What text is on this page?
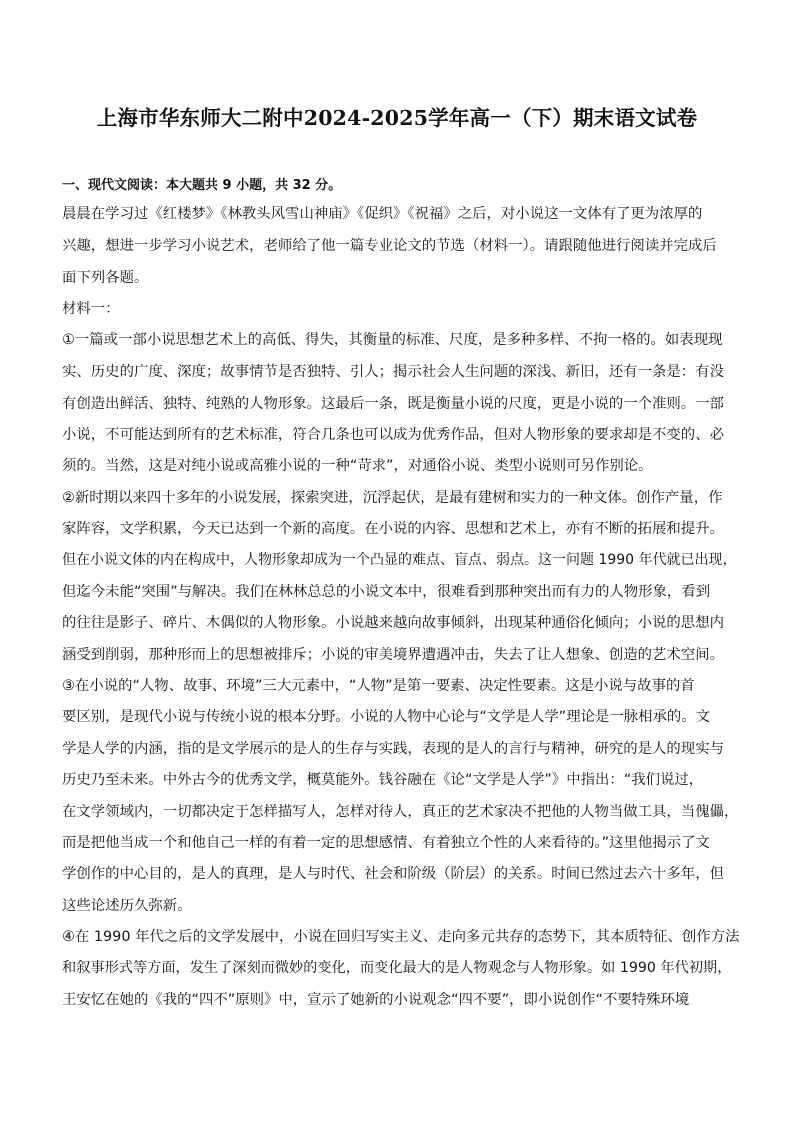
上海市华东师大二附中2024-2025学年高一（下）期末语文试卷
一、现代文阅读：本大题共 9 小题，共 32 分。
晨晨在学习过《红楼梦》《林教头风雪山神庙》《促织》《祝福》之后，对小说这一文体有了更为浓厚的
兴趣，想进一步学习小说艺术，老师给了他一篇专业论文的节选（材料一）。请跟随他进行阅读并完成后
面下列各题。
材料一：
①一篇或一部小说思想艺术上的高低、得失，其衡量的标准、尺度，是多种多样、不拘一格的。如表现现
实、历史的广度、深度；故事情节是否独特、引人；揭示社会人生问题的深浅、新旧，还有一条是：有没
有创造出鲜活、独特、纯熟的人物形象。这最后一条，既是衡量小说的尺度，更是小说的一个准则。一部
小说，不可能达到所有的艺术标准，符合几条也可以成为优秀作品，但对人物形象的要求却是不变的、必
须的。当然，这是对纯小说或高雅小说的一种“苛求”，对通俗小说、类型小说则可另作别论。
②新时期以来四十多年的小说发展，探索突进，沉浮起伏，是最有建树和实力的一种文体。创作产量，作
家阵容，文学积累，今天已达到一个新的高度。在小说的内容、思想和艺术上，亦有不断的拓展和提升。
但在小说文体的内在构成中，人物形象却成为一个凸显的难点、盲点、弱点。这一问题 1990 年代就已出现，
但迄今未能“突围”与解决。我们在林林总总的小说文本中，很难看到那种突出而有力的人物形象，看到
的往往是影子、碎片、木偶似的人物形象。小说越来越向故事倾斜，出现某种通俗化倾向；小说的思想内
涵受到削弱，那种形而上的思想被排斥；小说的审美境界遭遇冲击，失去了让人想象、创造的艺术空间。
③在小说的“人物、故事、环境”三大元素中，“人物”是第一要素、决定性要素。这是小说与故事的首
要区别，是现代小说与传统小说的根本分野。小说的人物中心论与“文学是人学”理论是一脉相承的。文
学是人学的内涵，指的是文学展示的是人的生存与实践，表现的是人的言行与精神，研究的是人的现实与
历史乃至未来。中外古今的优秀文学，概莫能外。钱谷融在《论“文学是人学”》中指出：“我们说过，
在文学领域内，一切都决定于怎样描写人，怎样对待人，真正的艺术家决不把他的人物当做工具，当傀儡，
而是把他当成一个和他自己一样的有着一定的思想感情、有着独立个性的人来看待的。”这里他揭示了文
学创作的中心目的，是人的真理，是人与时代、社会和阶级（阶层）的关系。时间已然过去六十多年，但
这些论述历久弥新。
④在 1990 年代之后的文学发展中，小说在回归写实主义、走向多元共存的态势下，其本质特征、创作方法
和叙事形式等方面，发生了深刻而微妙的变化，而变化最大的是人物观念与人物形象。如 1990 年代初期，
王安忆在她的《我的“四不”原则》中，宣示了她新的小说观念“四不要”，即小说创作“不要特殊环境
